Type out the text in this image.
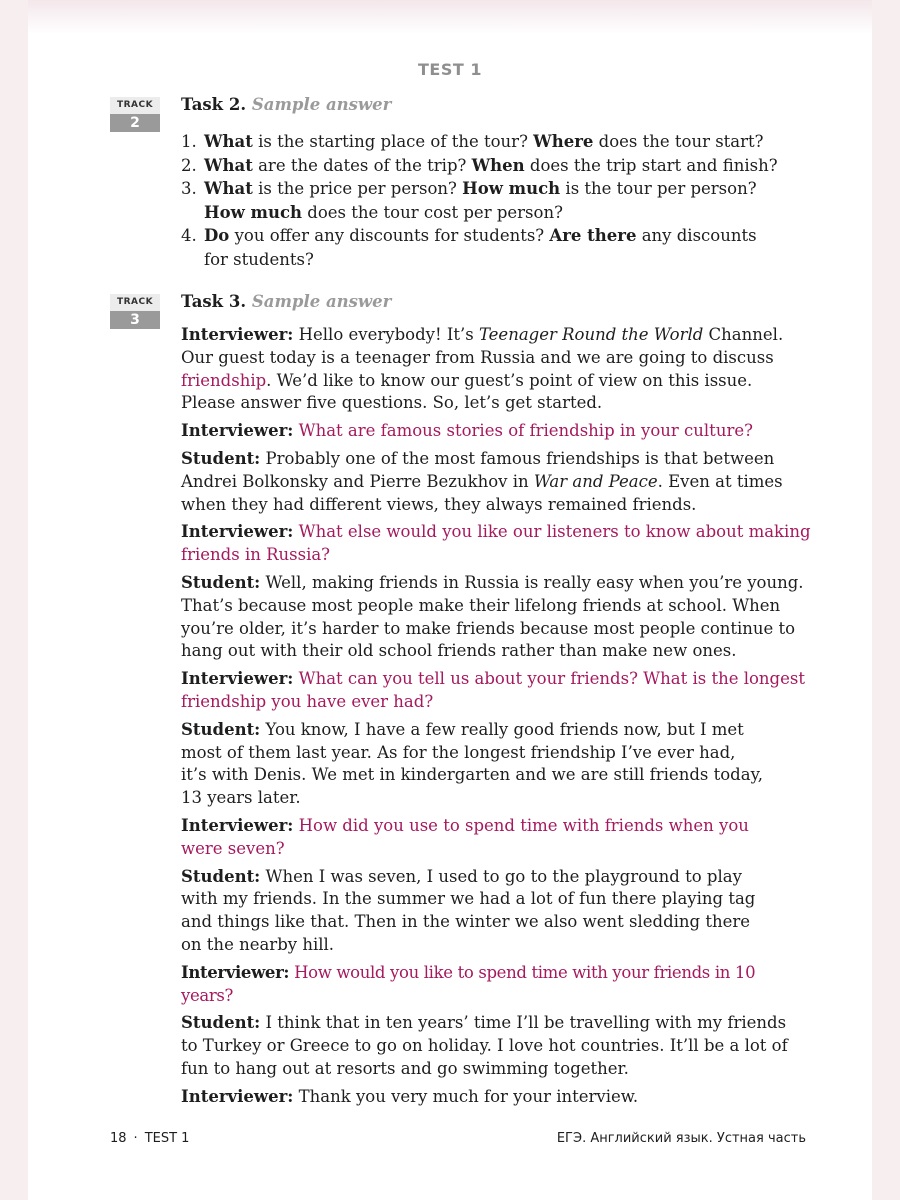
TEST 1
TRACK
2
Task 2. Sample answer
1. What is the starting place of the tour? Where does the tour start?
2. What are the dates of the trip? When does the trip start and finish?
3. What is the price per person? How much is the tour per person?
How much does the tour cost per person?
4. Do you offer any discounts for students? Are there any discounts
for students?
TRACK
3
Task 3. Sample answer

Interviewer: Hello everybody! It’s Teenager Round the World Channel.
Our guest today is a teenager from Russia and we are going to discuss
friendship. We’d like to know our guest’s point of view on this issue.
Please answer five questions. So, let’s get started.

Interviewer: What are famous stories of friendship in your culture?

Student: Probably one of the most famous friendships is that between
Andrei Bolkonsky and Pierre Bezukhov in War and Peace. Even at times
when they had different views, they always remained friends.

Interviewer: What else would you like our listeners to know about making
friends in Russia?

Student: Well, making friends in Russia is really easy when you’re young.
That’s because most people make their lifelong friends at school. When
you’re older, it’s harder to make friends because most people continue to
hang out with their old school friends rather than make new ones.

Interviewer: What can you tell us about your friends? What is the longest
friendship you have ever had?

Student: You know, I have a few really good friends now, but I met
most of them last year. As for the longest friendship I’ve ever had,
it’s with Denis. We met in kindergarten and we are still friends today,
13 years later.

Interviewer: How did you use to spend time with friends when you
were seven?

Student: When I was seven, I used to go to the playground to play
with my friends. In the summer we had a lot of fun there playing tag
and things like that. Then in the winter we also went sledding there
on the nearby hill.

Interviewer: How would you like to spend time with your friends in 10 years?

Student: I think that in ten years’ time I’ll be travelling with my friends
to Turkey or Greece to go on holiday. I love hot countries. It’ll be a lot of
fun to hang out at resorts and go swimming together.

Interviewer: Thank you very much for your interview.

18 · TEST 1	ЕГЭ. Английский язык. Устная часть
